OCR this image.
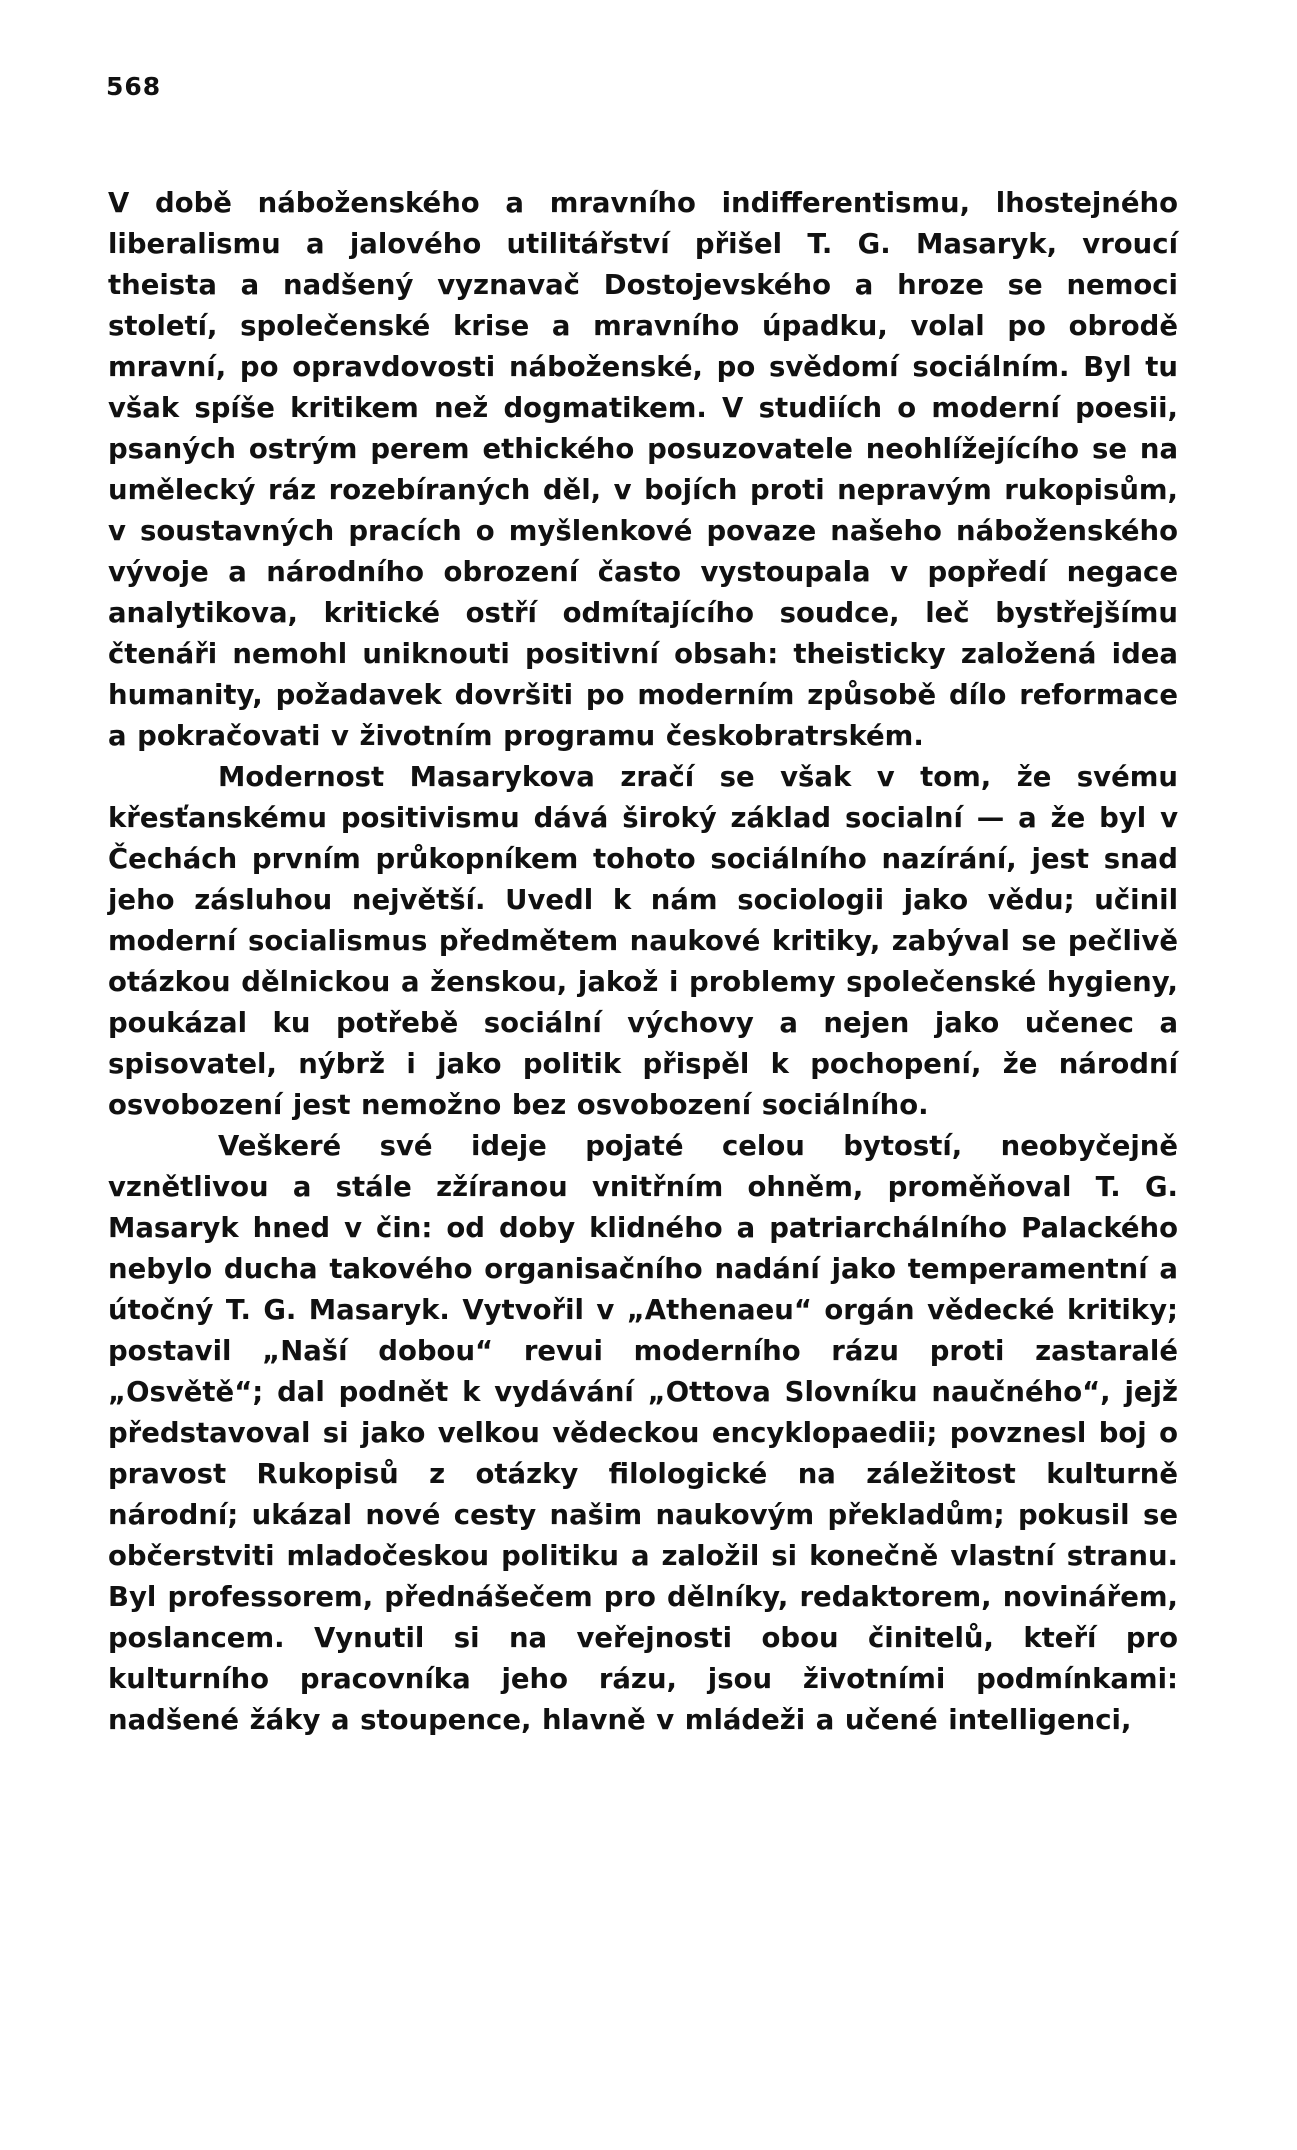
568

V době náboženského a mravního indifferentismu, lhostejného liberalismu a jalového utilitářství přišel T. G. Masaryk, vroucí theista a nadšený vyznavač Dostojevského a hroze se nemoci století, společenské krise a mravního úpadku, volal po obrodě mravní, po opravdovosti náboženské, po svědomí sociálním. Byl tu však spíše kritikem než dogmatikem. V studiích o moderní poesii, psaných ostrým perem ethického posuzovatele neohlížejícího se na umělecký ráz rozebíraných děl, v bojích proti nepravým rukopisům, v soustavných pracích o myšlenkové povaze našeho náboženského vývoje a národního obrození často vystoupala v popředí negace analytikova, kritické ostří odmítajícího soudce, leč bystřejšímu čtenáři nemohl uniknouti positivní obsah: theisticky založená idea humanity, požadavek dovršiti po moderním způsobě dílo reformace a pokračovati v životním programu českobratrském.

Modernost Masarykova zračí se však v tom, že svému křesťanskému positivismu dává široký základ socialní — a že byl v Čechách prvním průkopníkem tohoto sociálního nazírání, jest snad jeho zásluhou největší. Uvedl k nám sociologii jako vědu; učinil moderní socialismus předmětem naukové kritiky, zabýval se pečlivě otázkou dělnickou a ženskou, jakož i problemy společenské hygieny, poukázal ku potřebě sociální výchovy a nejen jako učenec a spisovatel, nýbrž i jako politik přispěl k pochopení, že národní osvobození jest nemožno bez osvobození sociálního.

Veškeré své ideje pojaté celou bytostí, neobyčejně vznětlivou a stále zžíranou vnitřním ohněm, proměňoval T. G. Masaryk hned v čin: od doby klidného a patriarchálního Palackého nebylo ducha takového organisačního nadání jako temperamentní a útočný T. G. Masaryk. Vytvořil v „Athenaeu“ orgán vědecké kritiky; postavil „Naší dobou“ revui moderního rázu proti zastaralé „Osvětě“; dal podnět k vydávání „Ottova Slovníku naučného“, jejž představoval si jako velkou vědeckou encyklopaedii; povznesl boj o pravost Rukopisů z otázky filologické na záležitost kulturně národní; ukázal nové cesty našim naukovým překladům; pokusil se občerstviti mladočeskou politiku a založil si konečně vlastní stranu. Byl professorem, přednášečem pro dělníky, redaktorem, novinářem, poslancem. Vynutil si na veřejnosti obou činitelů, kteří pro kulturního pracovníka jeho rázu, jsou životními podmínkami: nadšené žáky a stoupence, hlavně v mládeži a učené intelligenci,
